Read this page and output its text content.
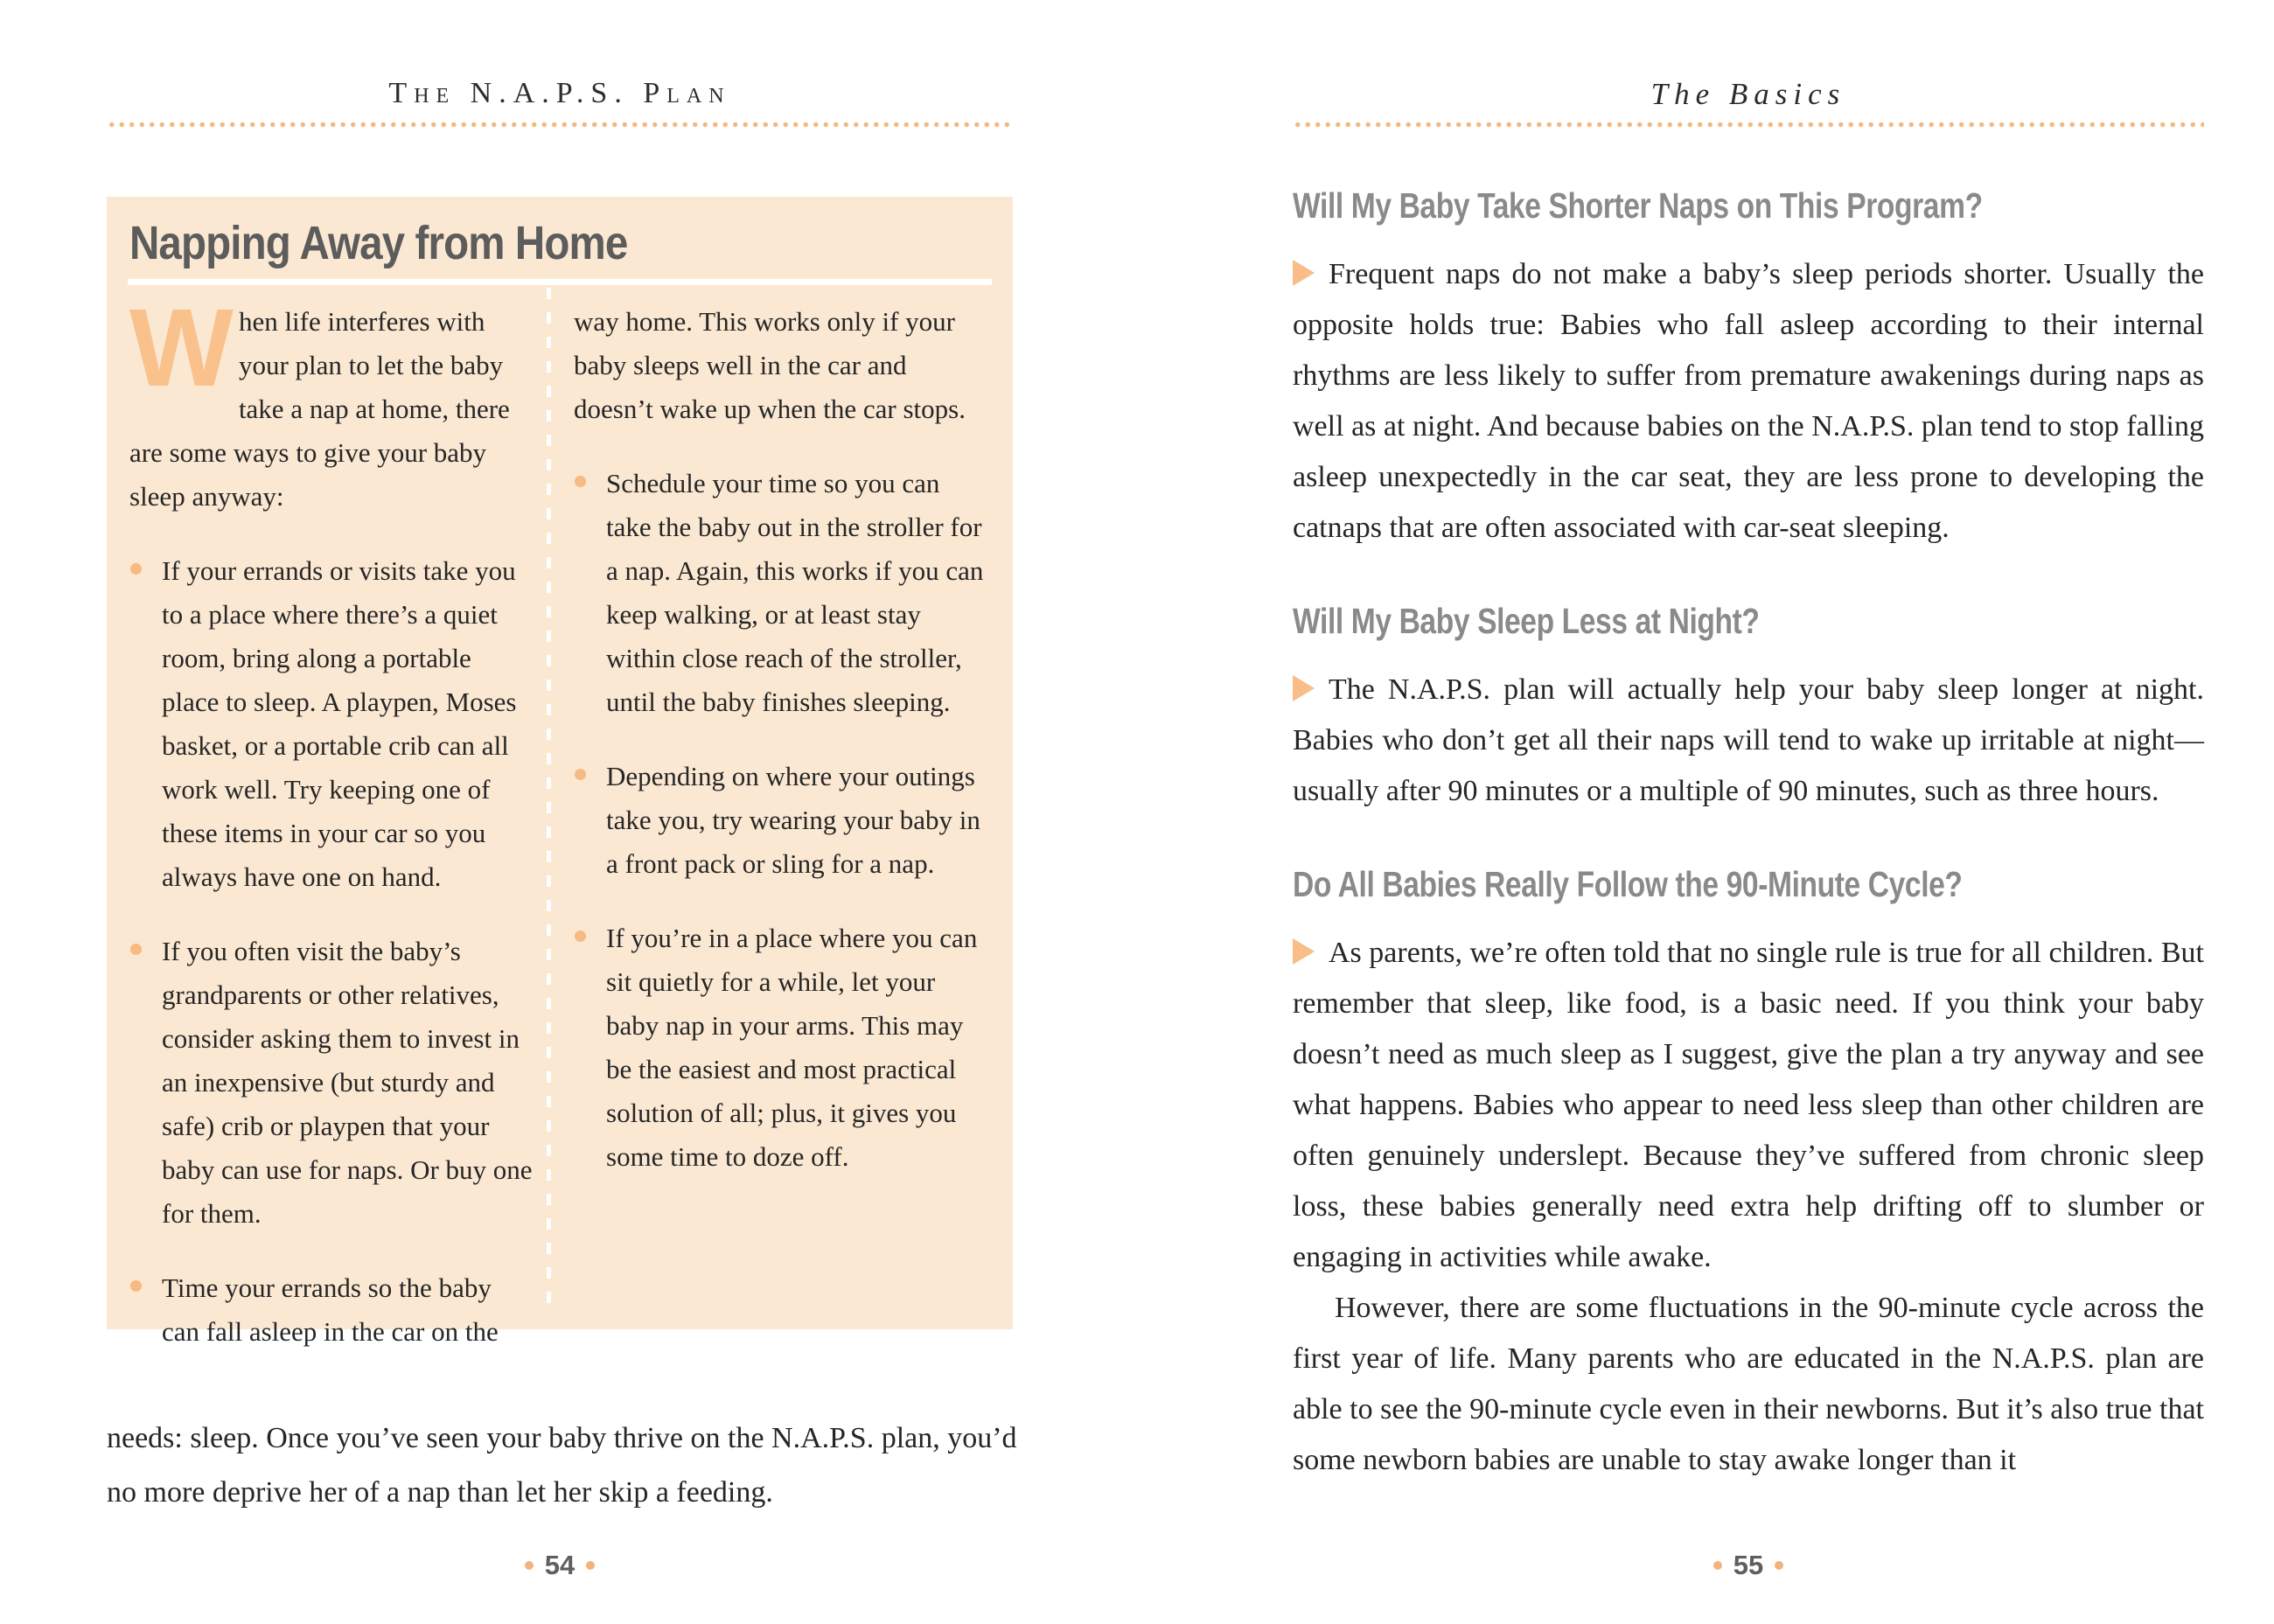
The N.A.P.S. Plan
Napping Away from Home
When life interferes with your plan to let the baby take a nap at home, there are some ways to give your baby sleep anyway:
If your errands or visits take you to a place where there’s a quiet room, bring along a portable place to sleep. A playpen, Moses basket, or a portable crib can all work well. Try keeping one of these items in your car so you always have one on hand.
If you often visit the baby’s grandparents or other relatives, consider asking them to invest in an inexpensive (but sturdy and safe) crib or playpen that your baby can use for naps. Or buy one for them.
Time your errands so the baby can fall asleep in the car on the

way home. This works only if your baby sleeps well in the car and doesn’t wake up when the car stops.

Schedule your time so you can take the baby out in the stroller for a nap. Again, this works if you can keep walking, or at least stay within close reach of the stroller, until the baby finishes sleeping.
Depending on where your outings take you, try wearing your baby in a front pack or sling for a nap.
If you’re in a place where you can sit quietly for a while, let your baby nap in your arms. This may be the easiest and most practical solution of all; plus, it gives you some time to doze off.

needs: sleep. Once you’ve seen your baby thrive on the N.A.P.S. plan, you’d no more deprive her of a nap than let her skip a feeding.

54
The Basics
Will My Baby Take Shorter Naps on This Program?

Frequent naps do not make a baby’s sleep periods shorter. Usually the opposite holds true: Babies who fall asleep according to their internal rhythms are less likely to suffer from premature awakenings during naps as well as at night. And because babies on the N.A.P.S. plan tend to stop falling asleep unexpectedly in the car seat, they are less prone to developing the catnaps that are often associated with car-seat sleeping.

Will My Baby Sleep Less at Night?

The N.A.P.S. plan will actually help your baby sleep longer at night. Babies who don’t get all their naps will tend to wake up irritable at night—usually after 90 minutes or a multiple of 90 minutes, such as three hours.

Do All Babies Really Follow the 90-Minute Cycle?

As parents, we’re often told that no single rule is true for all children. But remember that sleep, like food, is a basic need. If you think your baby doesn’t need as much sleep as I suggest, give the plan a try anyway and see what happens. Babies who appear to need less sleep than other children are often genuinely underslept. Because they’ve suffered from chronic sleep loss, these babies generally need extra help drifting off to slumber or engaging in activities while awake.

However, there are some fluctuations in the 90-minute cycle across the first year of life. Many parents who are educated in the N.A.P.S. plan are able to see the 90-minute cycle even in their newborns. But it’s also true that some newborn babies are unable to stay awake longer than it

55
